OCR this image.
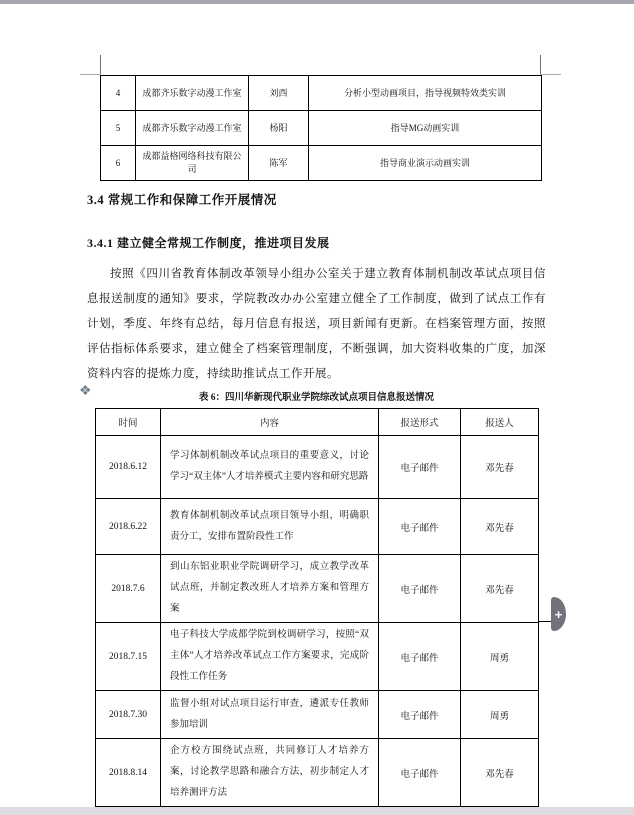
4	成都齐乐数字动漫工作室	刘西	分析小型动画项目，指导视频特效类实训
5	成都齐乐数字动漫工作室	杨阳	指导MG动画实训
6	成都益格网络科技有限公司	陈军	指导商业演示动画实训
3.4 常规工作和保障工作开展情况
3.4.1 建立健全常规工作制度，推进项目发展
按照《四川省教育体制改革领导小组办公室关于建立教育体制机制改革试点项目信息报送制度的通知》要求，学院教改办办公室建立健全了工作制度，做到了试点工作有计划，季度、年终有总结，每月信息有报送，项目新闻有更新。在档案管理方面，按照评估指标体系要求，建立健全了档案管理制度，不断强调，加大资料收集的广度，加深资料内容的提炼力度，持续助推试点工作开展。
❖	表 6：四川华新现代职业学院综改试点项目信息报送情况
时间	内容	报送形式	报送人
2018.6.12	学习体制机制改革试点项目的重要意义，讨论学习“双主体”人才培养模式主要内容和研究思路	电子邮件	邓先春
2018.6.22	教育体制机制改革试点项目领导小组，明确职责分工，安排布置阶段性工作	电子邮件	邓先春
2018.7.6	到山东铝业职业学院调研学习，成立教学改革试点班，并制定教改班人才培养方案和管理方案	电子邮件	邓先春
2018.7.15	电子科技大学成都学院到校调研学习，按照“双主体”人才培养改革试点工作方案要求，完成阶段性工作任务	电子邮件	周勇
2018.7.30	监督小组对试点项目运行审查，遴派专任教师参加培训	电子邮件	周勇
2018.8.14	企方校方围绕试点班，共同修订人才培养方案，讨论教学思路和融合方法，初步制定人才培养测评方法	电子邮件	邓先春
+
